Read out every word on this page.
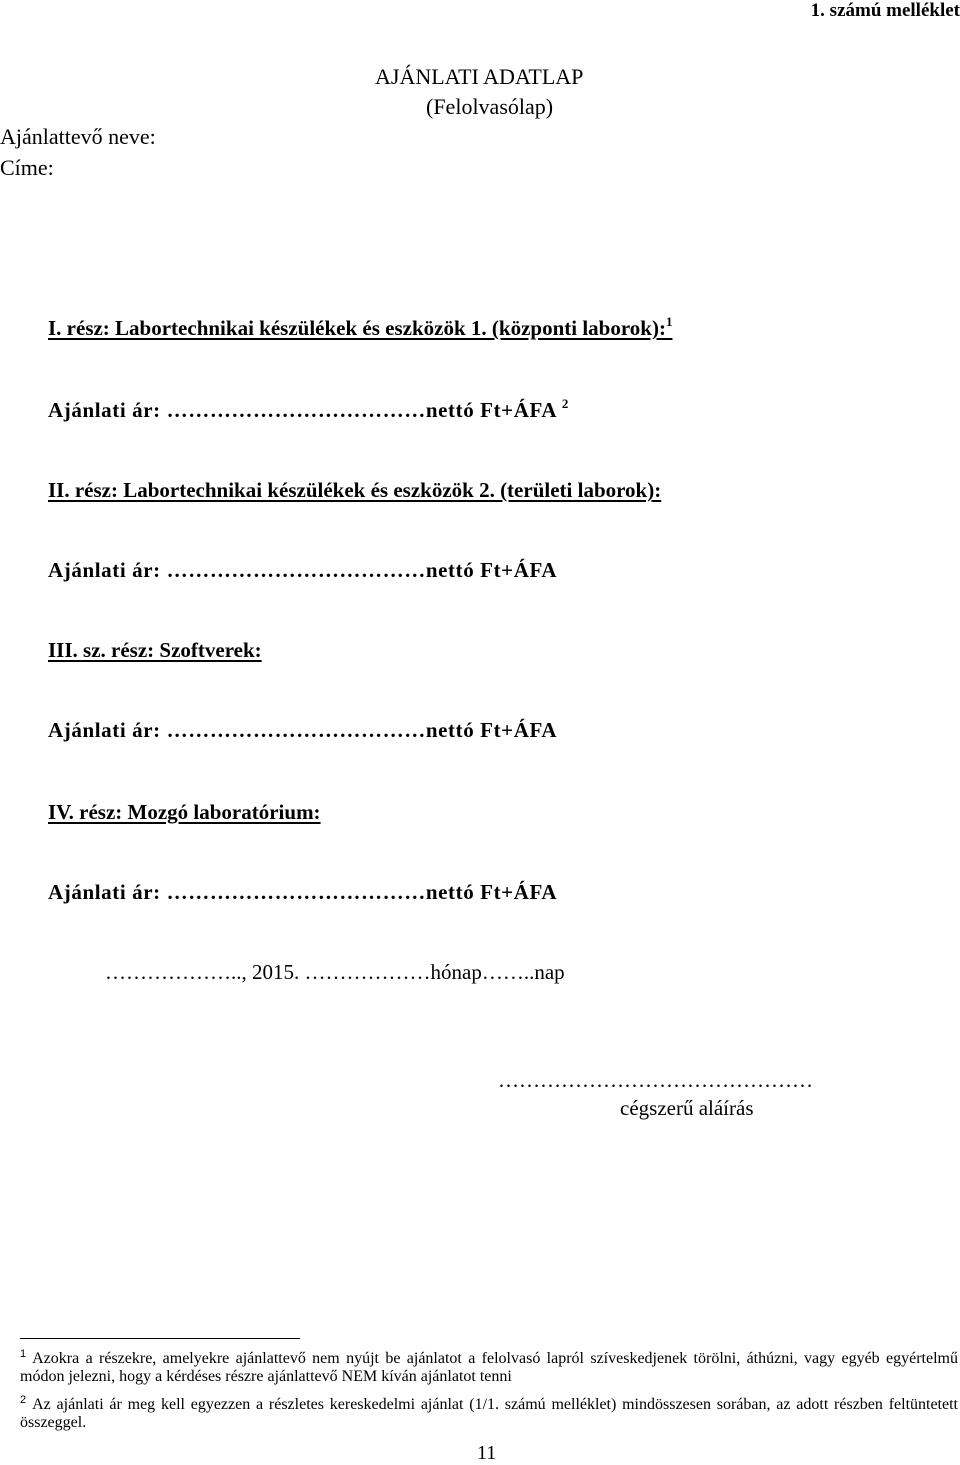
1. számú melléklet
AJÁNLATI ADATLAP
(Felolvasólap)
Ajánlattevő neve:
Címe:
I. rész: Labortechnikai készülékek és eszközök 1. (központi laborok):$^1$
Ajánlati ár: ………………………………nettó Ft+ÁFA $^2$
II. rész: Labortechnikai készülékek és eszközök 2. (területi laborok):
Ajánlati ár: ………………………………nettó Ft+ÁFA
III. sz. rész: Szoftverek:
Ajánlati ár: ………………………………nettó Ft+ÁFA
IV. rész: Mozgó laboratórium:
Ajánlati ár: ………………………………nettó Ft+ÁFA
……………….., 2015. ………………hónap……..nap
………………………………………
cégszerű aláírás
$^1$ Azokra a részekre, amelyekre ajánlattevő nem nyújt be ajánlatot a felolvasó lapról szíveskedjenek törölni, áthúzni, vagy egyéb egyértelmű módon jelezni, hogy a kérdéses részre ajánlattevő NEM kíván ajánlatot tenni
$^2$ Az ajánlati ár meg kell egyezzen a részletes kereskedelmi ajánlat (1/1. számú melléklet) mindösszesen sorában, az adott részben feltüntetett összeggel.
11
